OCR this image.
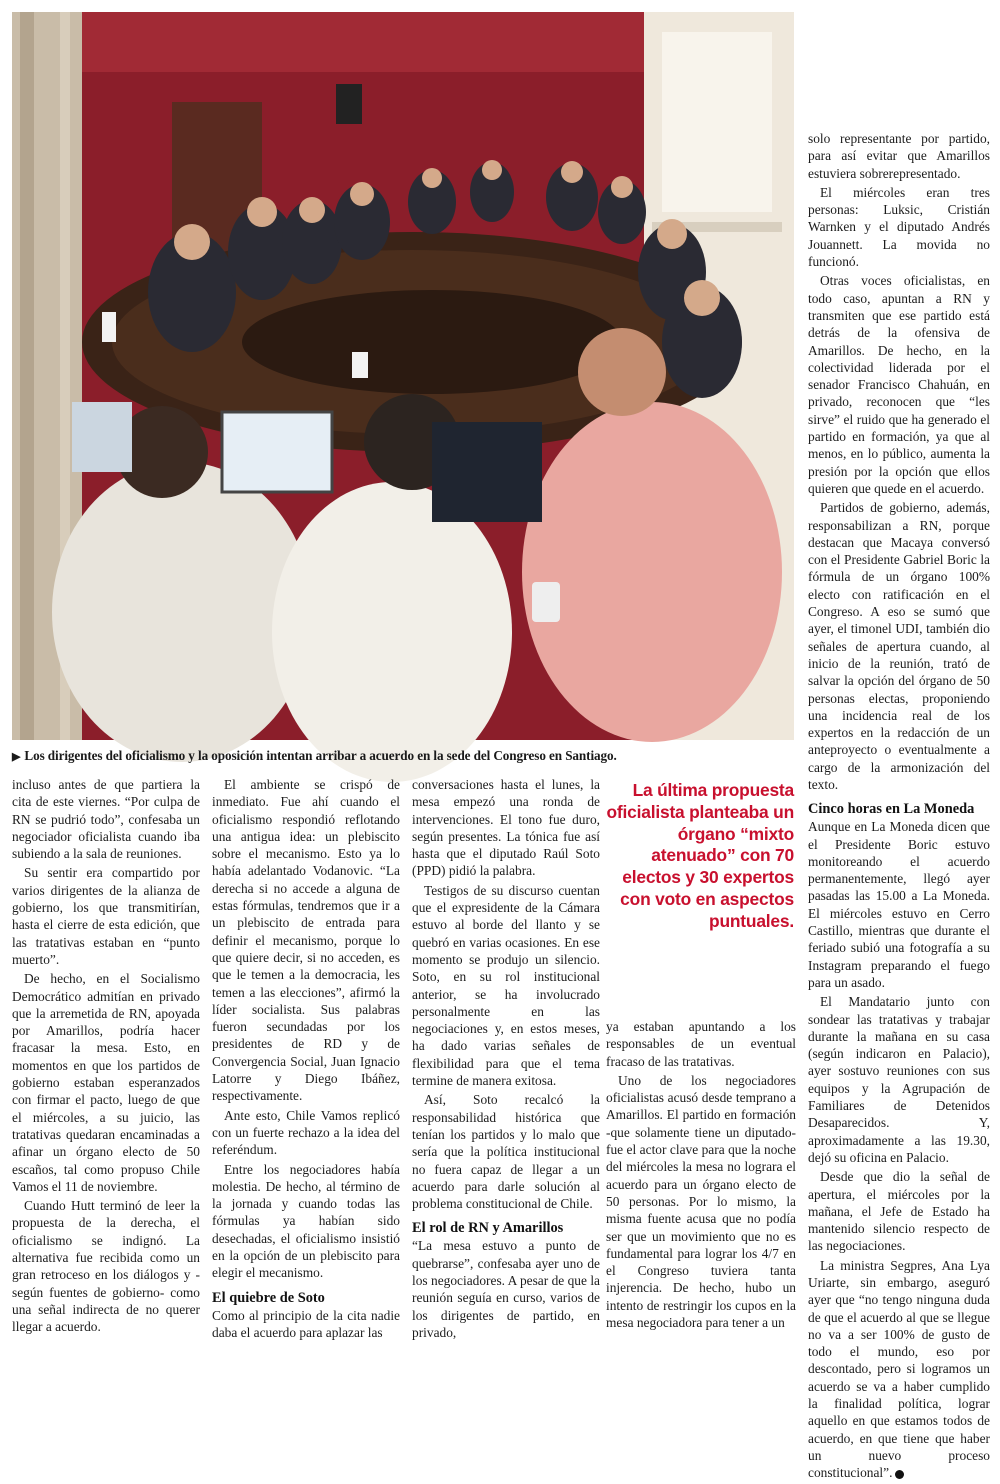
▶ Los dirigentes del oficialismo y la oposición intentan arribar a acuerdo en la sede del Congreso en Santiago.

incluso antes de que partiera la cita de este viernes. “Por culpa de RN se pudrió todo”, confesaba un negociador oficialista cuando iba subiendo a la sala de reuniones.

Su sentir era compartido por varios dirigentes de la alianza de gobierno, los que transmitirían, hasta el cierre de esta edición, que las tratativas estaban en “punto muerto”.

De hecho, en el Socialismo Democrático admitían en privado que la arremetida de RN, apoyada por Amarillos, podría hacer fracasar la mesa. Esto, en momentos en que los partidos de gobierno estaban esperanzados con firmar el pacto, luego de que el miércoles, a su juicio, las tratativas quedaran encaminadas a afinar un órgano electo de 50 escaños, tal como propuso Chile Vamos el 11 de noviembre.

Cuando Hutt terminó de leer la propuesta de la derecha, el oficialismo se indignó. La alternativa fue recibida como un gran retroceso en los diálogos y -según fuentes de gobierno- como una señal indirecta de no querer llegar a acuerdo.

El ambiente se crispó de inmediato. Fue ahí cuando el oficialismo respondió reflotando una antigua idea: un plebiscito sobre el mecanismo. Esto ya lo había adelantado Vodanovic. “La derecha si no accede a alguna de estas fórmulas, tendremos que ir a un plebiscito de entrada para definir el mecanismo, porque lo que quiere decir, si no acceden, es que le temen a la democracia, les temen a las elecciones”, afirmó la líder socialista. Sus palabras fueron secundadas por los presidentes de RD y de Convergencia Social, Juan Ignacio Latorre y Diego Ibáñez, respectivamente.

Ante esto, Chile Vamos replicó con un fuerte rechazo a la idea del referéndum.

Entre los negociadores había molestia. De hecho, al término de la jornada y cuando todas las fórmulas ya habían sido desechadas, el oficialismo insistió en la opción de un plebiscito para elegir el mecanismo.

El quiebre de Soto

Como al principio de la cita nadie daba el acuerdo para aplazar las

conversaciones hasta el lunes, la mesa empezó una ronda de intervenciones. El tono fue duro, según presentes. La tónica fue así hasta que el diputado Raúl Soto (PPD) pidió la palabra.

Testigos de su discurso cuentan que el expresidente de la Cámara estuvo al borde del llanto y se quebró en varias ocasiones. En ese momento se produjo un silencio. Soto, en su rol institucional anterior, se ha involucrado personalmente en las negociaciones y, en estos meses, ha dado varias señales de flexibilidad para que el tema termine de manera exitosa.

Así, Soto recalcó la responsabilidad histórica que tenían los partidos y lo malo que sería que la política institucional no fuera capaz de llegar a un acuerdo para darle solución al problema constitucional de Chile.

El rol de RN y Amarillos

“La mesa estuvo a punto de quebrarse”, confesaba ayer uno de los negociadores. A pesar de que la reunión seguía en curso, varios de los dirigentes de partido, en privado,

La última propuesta oficialista planteaba un órgano “mixto atenuado” con 70 electos y 30 expertos con voto en aspectos puntuales.

ya estaban apuntando a los responsables de un eventual fracaso de las tratativas.

Uno de los negociadores oficialistas acusó desde temprano a Amarillos. El partido en formación -que solamente tiene un diputado- fue el actor clave para que la noche del miércoles la mesa no lograra el acuerdo para un órgano electo de 50 personas. Por lo mismo, la misma fuente acusa que no podía ser que un movimiento que no es fundamental para lograr los 4/7 en el Congreso tuviera tanta injerencia. De hecho, hubo un intento de restringir los cupos en la mesa negociadora para tener a un

solo representante por partido, para así evitar que Amarillos estuviera sobrerepresentado.

El miércoles eran tres personas: Luksic, Cristián Warnken y el diputado Andrés Jouannett. La movida no funcionó.

Otras voces oficialistas, en todo caso, apuntan a RN y transmiten que ese partido está detrás de la ofensiva de Amarillos. De hecho, en la colectividad liderada por el senador Francisco Chahuán, en privado, reconocen que “les sirve” el ruido que ha generado el partido en formación, ya que al menos, en lo público, aumenta la presión por la opción que ellos quieren que quede en el acuerdo.

Partidos de gobierno, además, responsabilizan a RN, porque destacan que Macaya conversó con el Presidente Gabriel Boric la fórmula de un órgano 100% electo con ratificación en el Congreso. A eso se sumó que ayer, el timonel UDI, también dio señales de apertura cuando, al inicio de la reunión, trató de salvar la opción del órgano de 50 personas electas, proponiendo una incidencia real de los expertos en la redacción de un anteproyecto o eventualmente a cargo de la armonización del texto.

Cinco horas en La Moneda

Aunque en La Moneda dicen que el Presidente Boric estuvo monitoreando el acuerdo permanentemente, llegó ayer pasadas las 15.00 a La Moneda. El miércoles estuvo en Cerro Castillo, mientras que durante el feriado subió una fotografía a su Instagram preparando el fuego para un asado.

El Mandatario junto con sondear las tratativas y trabajar durante la mañana en su casa (según indicaron en Palacio), ayer sostuvo reuniones con sus equipos y la Agrupación de Familiares de Detenidos Desaparecidos. Y, aproximadamente a las 19.30, dejó su oficina en Palacio.

Desde que dio la señal de apertura, el miércoles por la mañana, el Jefe de Estado ha mantenido silencio respecto de las negociaciones.

La ministra Segpres, Ana Lya Uriarte, sin embargo, aseguró ayer que “no tengo ninguna duda de que el acuerdo al que se llegue no va a ser 100% de gusto de todo el mundo, eso por descontado, pero si logramos un acuerdo se va a haber cumplido la finalidad política, lograr aquello en que estamos todos de acuerdo, en que tiene que haber un nuevo proceso constitucional”.
